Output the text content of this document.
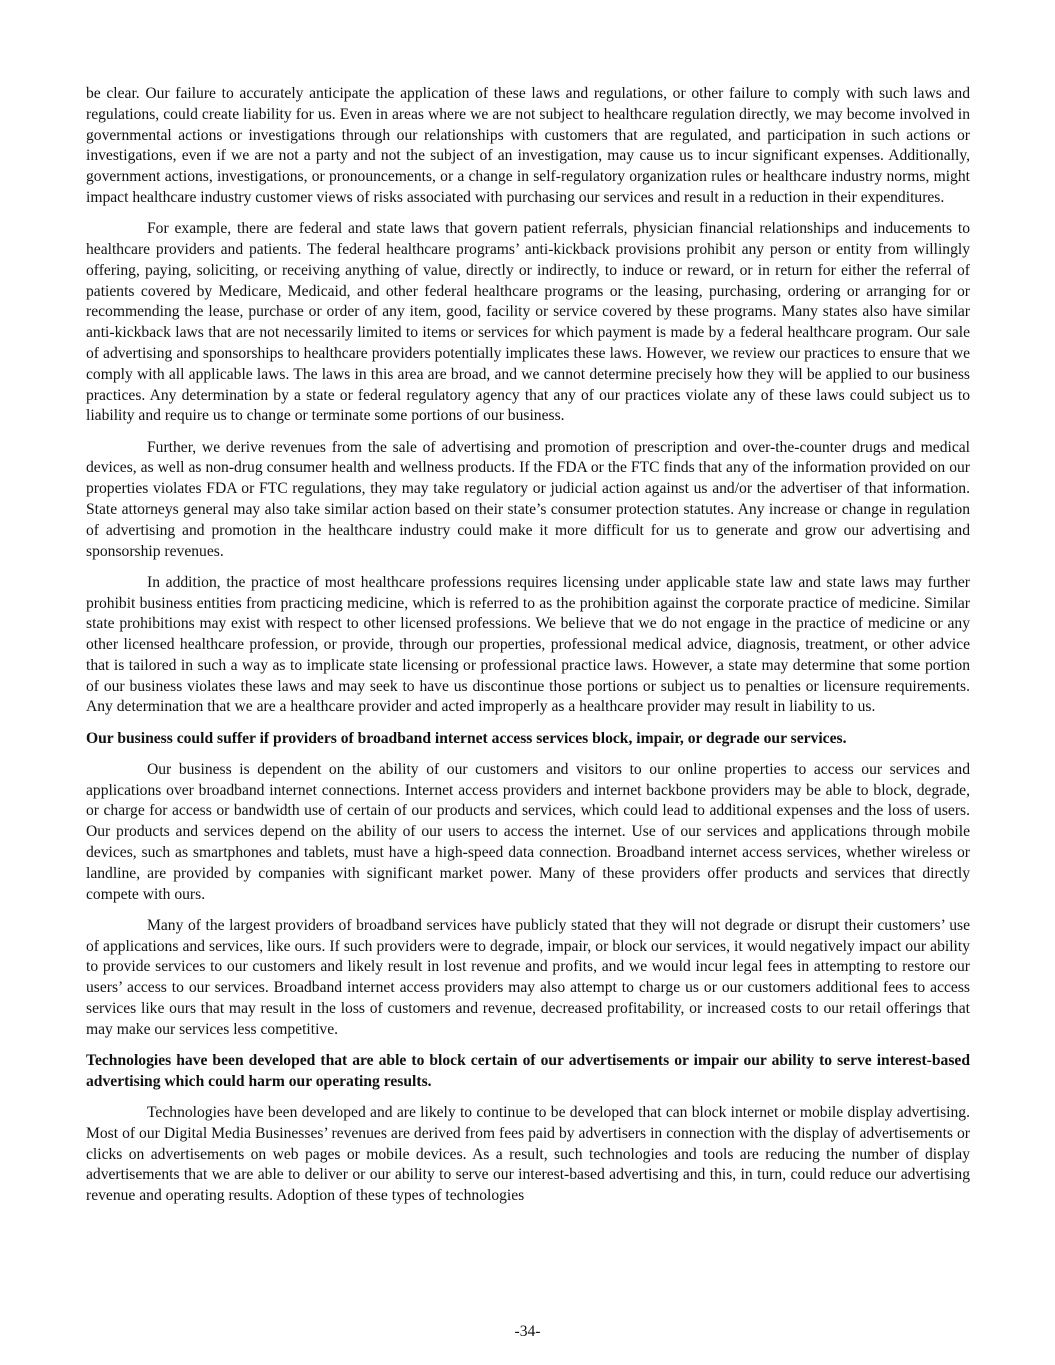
be clear. Our failure to accurately anticipate the application of these laws and regulations, or other failure to comply with such laws and regulations, could create liability for us. Even in areas where we are not subject to healthcare regulation directly, we may become involved in governmental actions or investigations through our relationships with customers that are regulated, and participation in such actions or investigations, even if we are not a party and not the subject of an investigation, may cause us to incur significant expenses. Additionally, government actions, investigations, or pronouncements, or a change in self-regulatory organization rules or healthcare industry norms, might impact healthcare industry customer views of risks associated with purchasing our services and result in a reduction in their expenditures.

For example, there are federal and state laws that govern patient referrals, physician financial relationships and inducements to healthcare providers and patients. The federal healthcare programs’ anti-kickback provisions prohibit any person or entity from willingly offering, paying, soliciting, or receiving anything of value, directly or indirectly, to induce or reward, or in return for either the referral of patients covered by Medicare, Medicaid, and other federal healthcare programs or the leasing, purchasing, ordering or arranging for or recommending the lease, purchase or order of any item, good, facility or service covered by these programs. Many states also have similar anti-kickback laws that are not necessarily limited to items or services for which payment is made by a federal healthcare program. Our sale of advertising and sponsorships to healthcare providers potentially implicates these laws. However, we review our practices to ensure that we comply with all applicable laws. The laws in this area are broad, and we cannot determine precisely how they will be applied to our business practices. Any determination by a state or federal regulatory agency that any of our practices violate any of these laws could subject us to liability and require us to change or terminate some portions of our business.

Further, we derive revenues from the sale of advertising and promotion of prescription and over-the-counter drugs and medical devices, as well as non-drug consumer health and wellness products. If the FDA or the FTC finds that any of the information provided on our properties violates FDA or FTC regulations, they may take regulatory or judicial action against us and/or the advertiser of that information. State attorneys general may also take similar action based on their state’s consumer protection statutes. Any increase or change in regulation of advertising and promotion in the healthcare industry could make it more difficult for us to generate and grow our advertising and sponsorship revenues.

In addition, the practice of most healthcare professions requires licensing under applicable state law and state laws may further prohibit business entities from practicing medicine, which is referred to as the prohibition against the corporate practice of medicine. Similar state prohibitions may exist with respect to other licensed professions. We believe that we do not engage in the practice of medicine or any other licensed healthcare profession, or provide, through our properties, professional medical advice, diagnosis, treatment, or other advice that is tailored in such a way as to implicate state licensing or professional practice laws. However, a state may determine that some portion of our business violates these laws and may seek to have us discontinue those portions or subject us to penalties or licensure requirements. Any determination that we are a healthcare provider and acted improperly as a healthcare provider may result in liability to us.

Our business could suffer if providers of broadband internet access services block, impair, or degrade our services.

Our business is dependent on the ability of our customers and visitors to our online properties to access our services and applications over broadband internet connections. Internet access providers and internet backbone providers may be able to block, degrade, or charge for access or bandwidth use of certain of our products and services, which could lead to additional expenses and the loss of users. Our products and services depend on the ability of our users to access the internet. Use of our services and applications through mobile devices, such as smartphones and tablets, must have a high-speed data connection. Broadband internet access services, whether wireless or landline, are provided by companies with significant market power. Many of these providers offer products and services that directly compete with ours.

Many of the largest providers of broadband services have publicly stated that they will not degrade or disrupt their customers’ use of applications and services, like ours. If such providers were to degrade, impair, or block our services, it would negatively impact our ability to provide services to our customers and likely result in lost revenue and profits, and we would incur legal fees in attempting to restore our users’ access to our services. Broadband internet access providers may also attempt to charge us or our customers additional fees to access services like ours that may result in the loss of customers and revenue, decreased profitability, or increased costs to our retail offerings that may make our services less competitive.

Technologies have been developed that are able to block certain of our advertisements or impair our ability to serve interest-based advertising which could harm our operating results.

Technologies have been developed and are likely to continue to be developed that can block internet or mobile display advertising. Most of our Digital Media Businesses’ revenues are derived from fees paid by advertisers in connection with the display of advertisements or clicks on advertisements on web pages or mobile devices. As a result, such technologies and tools are reducing the number of display advertisements that we are able to deliver or our ability to serve our interest-based advertising and this, in turn, could reduce our advertising revenue and operating results. Adoption of these types of technologies

-34-
